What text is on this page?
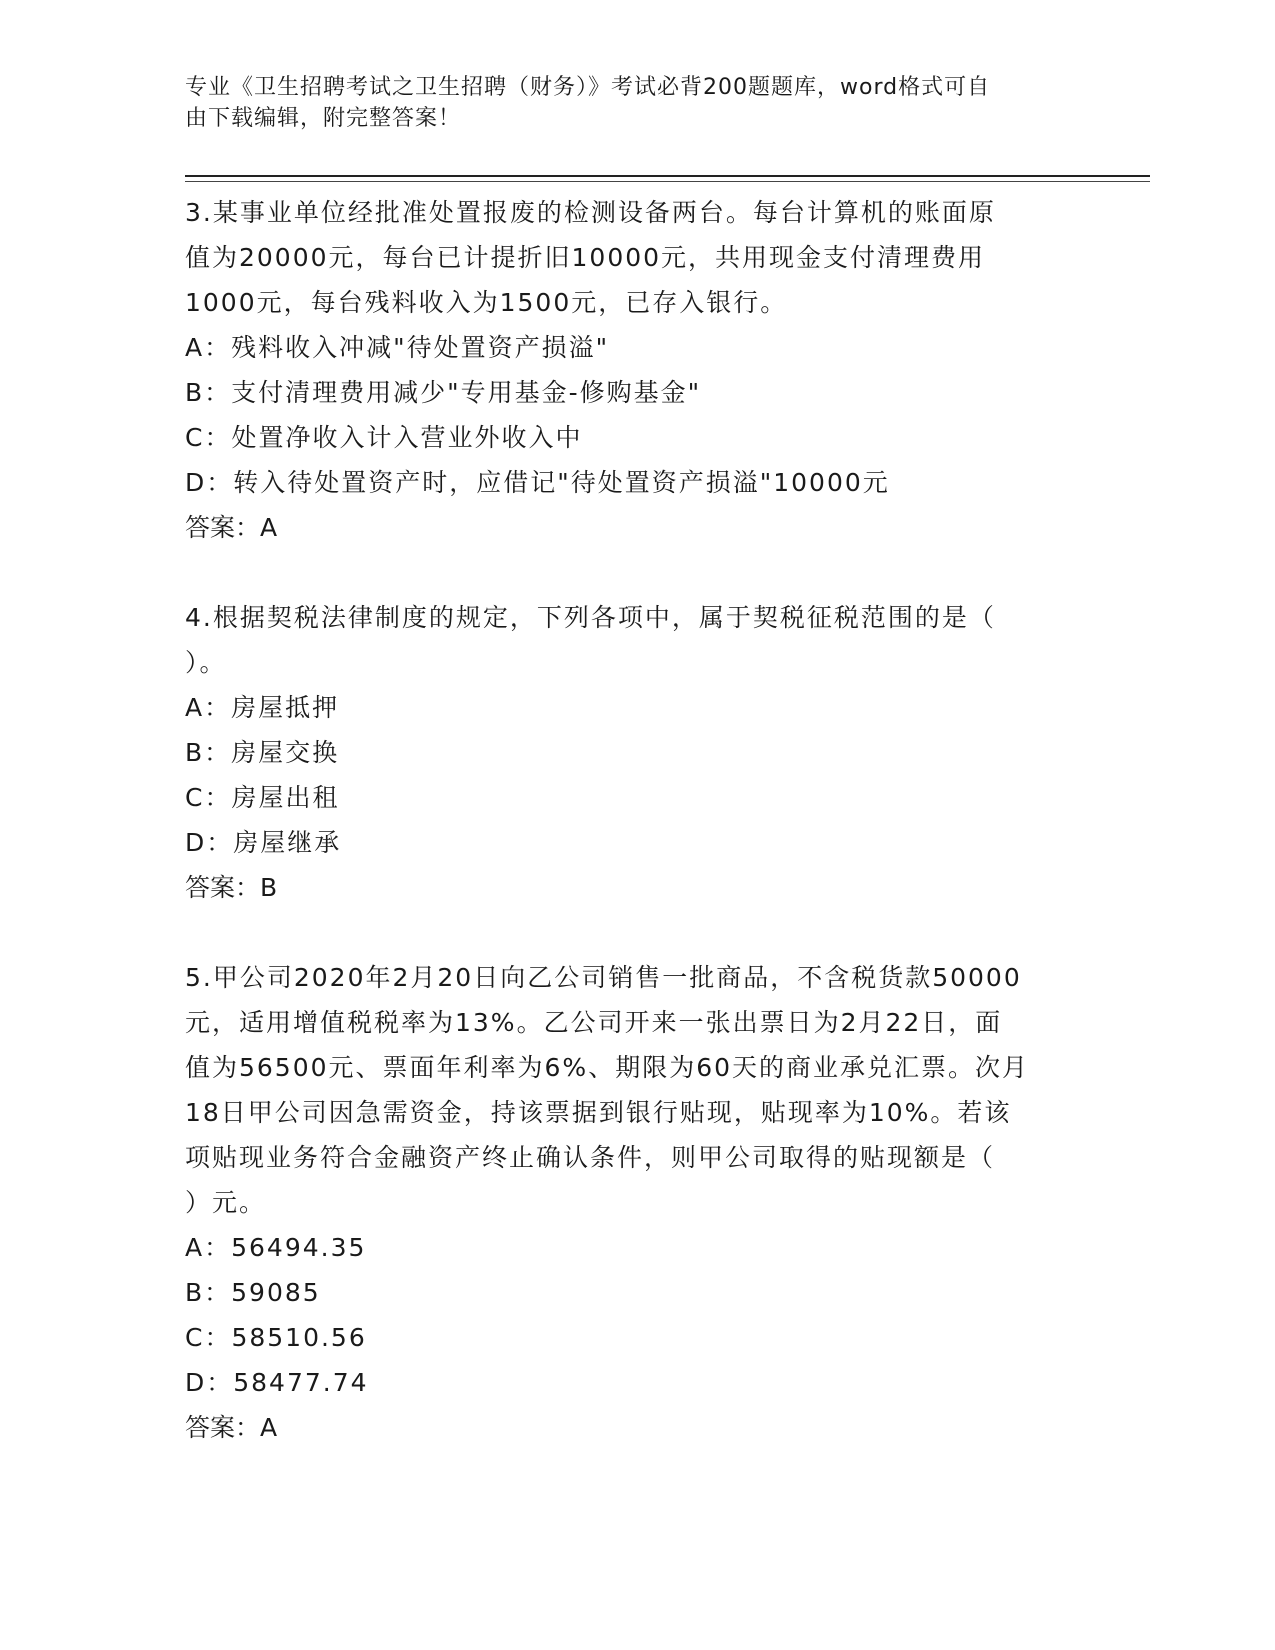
专业《卫生招聘考试之卫生招聘（财务）》考试必背200题题库，word格式可自
由下载编辑，附完整答案！

3.某事业单位经批准处置报废的检测设备两台。每台计算机的账面原

值为20000元，每台已计提折旧10000元，共用现金支付清理费用

1000元，每台残料收入为1500元，已存入银行。

A：残料收入冲减"待处置资产损溢"

B：支付清理费用减少"专用基金-修购基金"

C：处置净收入计入营业外收入中

D：转入待处置资产时，应借记"待处置资产损溢"10000元

答案：A

4.根据契税法律制度的规定，下列各项中，属于契税征税范围的是（

）。

A：房屋抵押

B：房屋交换

C：房屋出租

D：房屋继承

答案：B

5.甲公司2020年2月20日向乙公司销售一批商品，不含税货款50000

元，适用增值税税率为13%。乙公司开来一张出票日为2月22日，面

值为56500元、票面年利率为6%、期限为60天的商业承兑汇票。次月

18日甲公司因急需资金，持该票据到银行贴现，贴现率为10%。若该

项贴现业务符合金融资产终止确认条件，则甲公司取得的贴现额是（

）元。

A：56494.35

B：59085

C：58510.56

D：58477.74

答案：A
